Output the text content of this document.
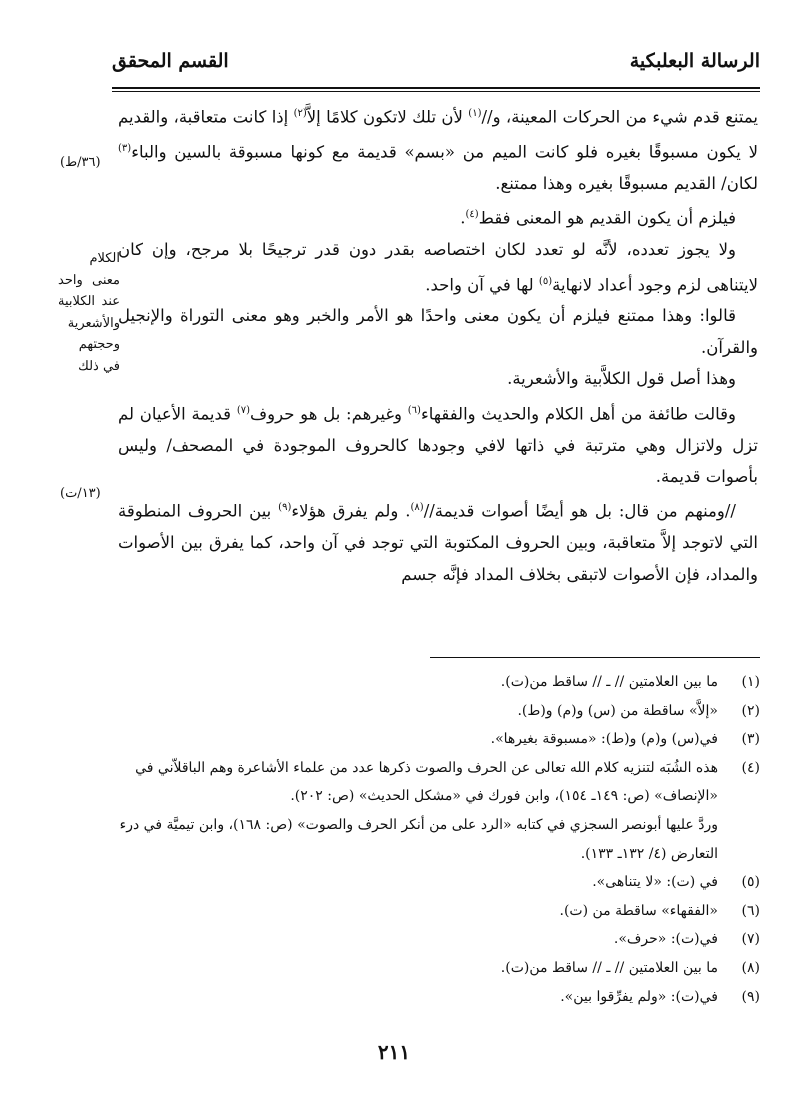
الرسالة البعلبكية
القسم المحقق
(٣٦/ط)
الكلام معنى واحد عند الكلابية والأشعرية وحجتهم في ذلك
(١٣/ت)

يمتنع قدم شيء من الحركات المعينة، و//$^{(١)}$ لأن تلك لاتكون كلامًا إلاَّ$^{(٢)}$ إذا كانت متعاقبة، والقديم لا يكون مسبوقًا بغيره فلو كانت الميم من «بسم» قديمة مع كونها مسبوقة بالسين والباء$^{(٣)}$ لكان/ القديم مسبوقًا بغيره وهذا ممتنع.

فيلزم أن يكون القديم هو المعنى فقط$^{(٤)}$.

ولا يجوز تعدده، لأنَّه لو تعدد لكان اختصاصه بقدر دون قدر ترجيحًا بلا مرجح، وإن كان لايتناهى لزم وجود أعداد لانهاية$^{(٥)}$ لها في آن واحد.

قالوا: وهذا ممتنع فيلزم أن يكون معنى واحدًا هو الأمر والخبر وهو معنى التوراة والإنجيل والقرآن.

وهذا أصل قول الكلاَّبية والأشعرية.

وقالت طائفة من أهل الكلام والحديث والفقهاء$^{(٦)}$ وغيرهم: بل هو حروف$^{(٧)}$ قديمة الأعيان لم تزل ولاتزال وهي مترتبة في ذاتها لافي وجودها كالحروف الموجودة في المصحف/ وليس بأصوات قديمة.

//ومنهم من قال: بل هو أيضًا أصوات قديمة//$^{(٨)}$. ولم يفرق هؤلاء$^{(٩)}$ بين الحروف المنطوقة التي لاتوجد إلاَّ متعاقبة، وبين الحروف المكتوبة التي توجد في آن واحد، كما يفرق بين الأصوات والمداد، فإن الأصوات لاتبقى بخلاف المداد فإنَّه جسم

(١)
ما بين العلامتين // ـ // ساقط من(ت).
(٢)
«إلاَّ» ساقطة من (س) و(م) و(ط).
(٣)
في(س) و(م) و(ط): «مسبوقة بغيرها».
(٤)
هذه الشُبَه لتنزيه كلام الله تعالى عن الحرف والصوت ذكرها عدد من علماء الأشاعرة وهم الباقلاّني في «الإنصاف» (ص: ١٤٩ـ ١٥٤)، وابن فورك في «مشكل الحديث» (ص: ٢٠٢).
وردَّ عليها أبونصر السجزي في كتابه «الرد على من أنكر الحرف والصوت» (ص: ١٦٨)، وابن تيميَّة في درء التعارض (٤/ ١٣٢ـ ١٣٣).
(٥)
في (ت): «لا يتناهى».
(٦)
«الفقهاء» ساقطة من (ت).
(٧)
في(ت): «حرف».
(٨)
ما بين العلامتين // ـ // ساقط من(ت).
(٩)
في(ت): «ولم يفرِّقوا بين».
٢١١
